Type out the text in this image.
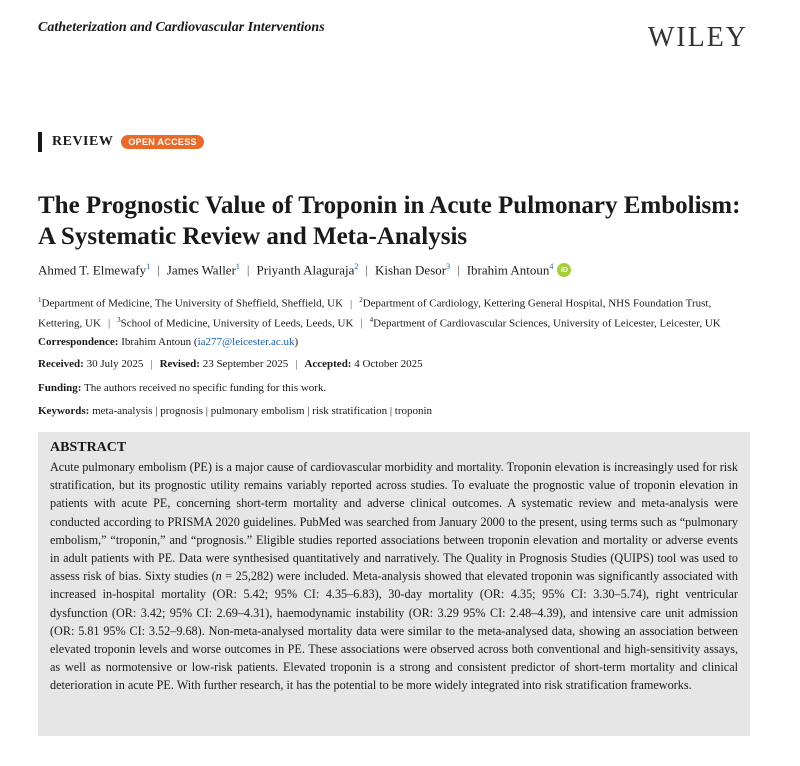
Catheterization and Cardiovascular Interventions	WILEY
REVIEW	OPEN ACCESS
The Prognostic Value of Troponin in Acute Pulmonary Embolism: A Systematic Review and Meta-Analysis
Ahmed T. Elmewafy$^1$ | James Waller$^1$ | Priyanth Alaguraja$^2$ | Kishan Desor$^3$ | Ibrahim Antoun$^4$	iD
$^1$Department of Medicine, The University of Sheffield, Sheffield, UK | $^2$Department of Cardiology, Kettering General Hospital, NHS Foundation Trust, Kettering, UK | $^3$School of Medicine, University of Leeds, Leeds, UK | $^4$Department of Cardiovascular Sciences, University of Leicester, Leicester, UK
Correspondence: Ibrahim Antoun (ia277@leicester.ac.uk)
Received: 30 July 2025 | Revised: 23 September 2025 | Accepted: 4 October 2025
Funding: The authors received no specific funding for this work.
Keywords: meta-analysis | prognosis | pulmonary embolism | risk stratification | troponin
ABSTRACT
Acute pulmonary embolism (PE) is a major cause of cardiovascular morbidity and mortality. Troponin elevation is increasingly used for risk stratification, but its prognostic utility remains variably reported across studies. To evaluate the prognostic value of troponin elevation in patients with acute PE, concerning short-term mortality and adverse clinical outcomes. A systematic review and meta-analysis were conducted according to PRISMA 2020 guidelines. PubMed was searched from January 2000 to the present, using terms such as “pulmonary embolism,” “troponin,” and “prognosis.” Eligible studies reported associations between troponin elevation and mortality or adverse events in adult patients with PE. Data were synthesised quantitatively and narratively. The Quality in Prognosis Studies (QUIPS) tool was used to assess risk of bias. Sixty studies (n = 25,282) were included. Meta-analysis showed that elevated troponin was significantly associated with increased in-hospital mortality (OR: 5.42; 95% CI: 4.35–6.83), 30-day mortality (OR: 4.35; 95% CI: 3.30–5.74), right ventricular dysfunction (OR: 3.42; 95% CI: 2.69–4.31), haemodynamic instability (OR: 3.29 95% CI: 2.48–4.39), and intensive care unit admission (OR: 5.81 95% CI: 3.52–9.68). Non-meta-analysed mortality data were similar to the meta-analysed data, showing an association between elevated troponin levels and worse outcomes in PE. These associations were observed across both conventional and high-sensitivity assays, as well as normotensive or low-risk patients. Elevated troponin is a strong and consistent predictor of short-term mortality and clinical deterioration in acute PE. With further research, it has the potential to be more widely integrated into risk stratification frameworks.
